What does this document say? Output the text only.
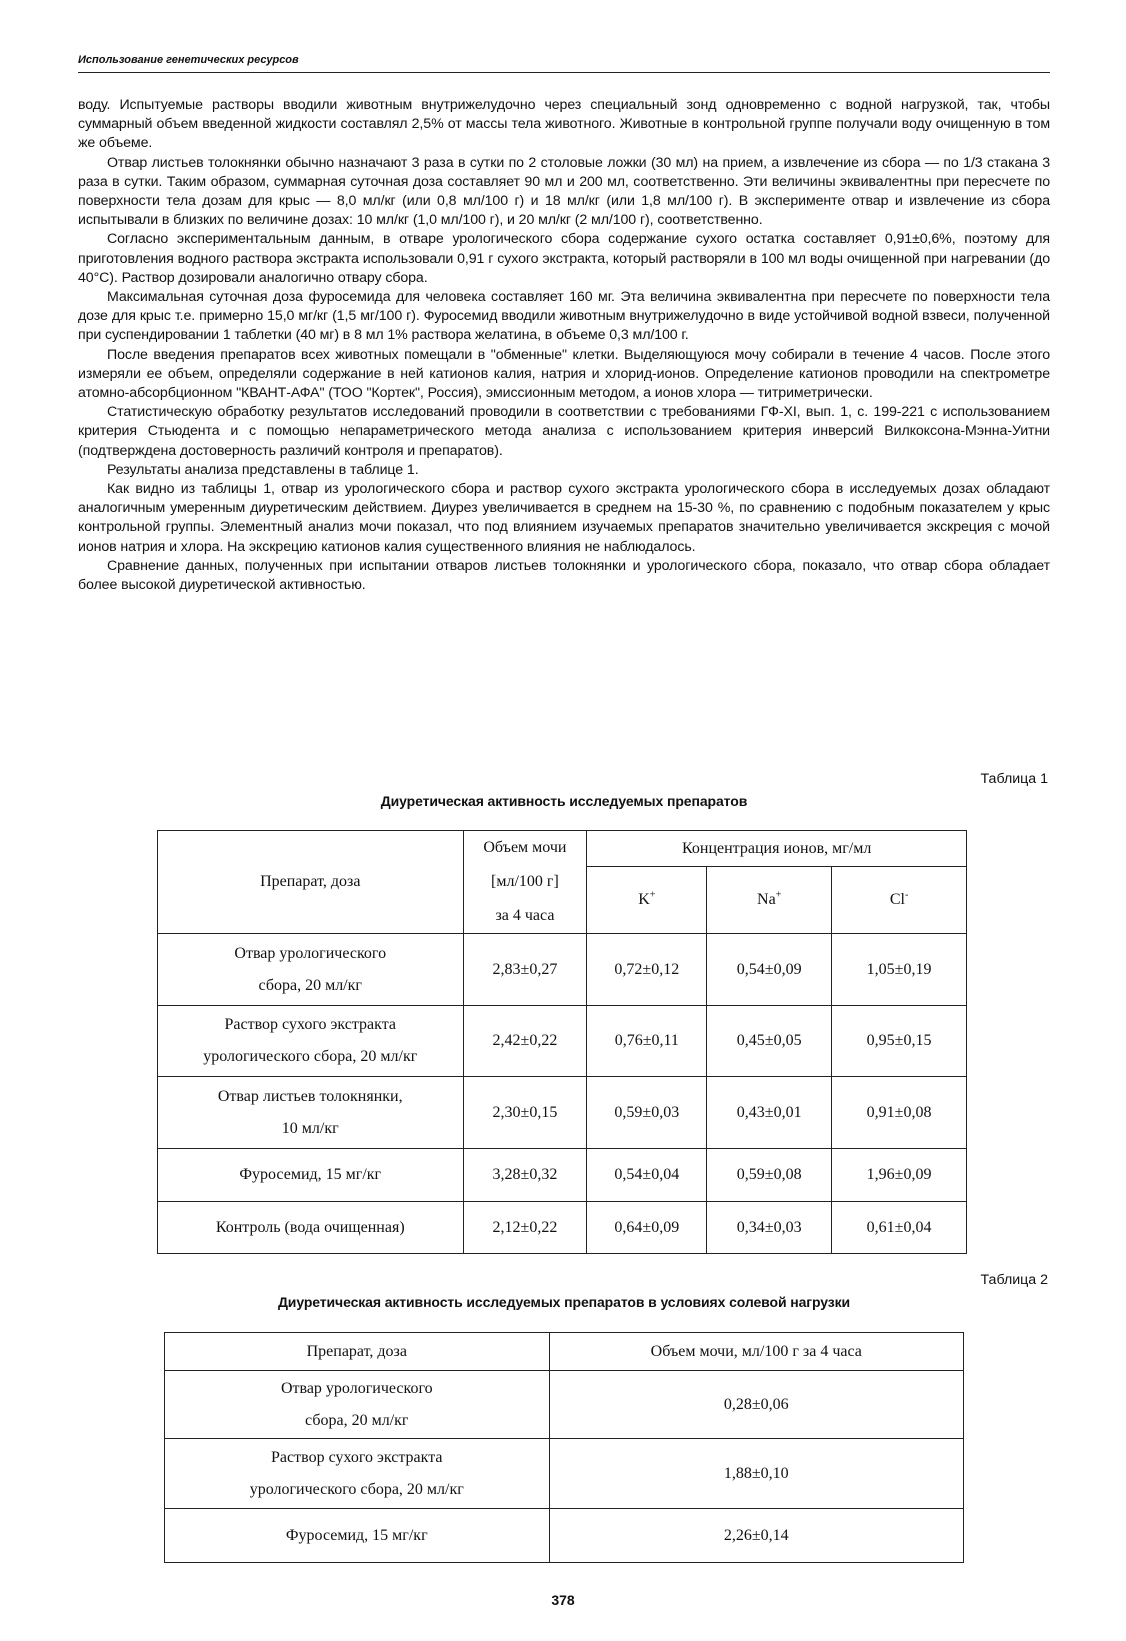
Использование генетических ресурсов

воду. Испытуемые растворы вводили животным внутрижелудочно через специальный зонд одновременно с водной нагрузкой, так, чтобы суммарный объем введенной жидкости составлял 2,5% от массы тела животного. Животные в контрольной группе получали воду очищенную в том же объеме.

Отвар листьев толокнянки обычно назначают 3 раза в сутки по 2 столовые ложки (30 мл) на прием, а извлечение из сбора — по 1/3 стакана 3 раза в сутки. Таким образом, суммарная суточная доза составляет 90 мл и 200 мл, соответственно. Эти величины эквивалентны при пересчете по поверхности тела дозам для крыс — 8,0 мл/кг (или 0,8 мл/100 г) и 18 мл/кг (или 1,8 мл/100 г). В эксперименте отвар и извлечение из сбора испытывали в близких по величине дозах: 10 мл/кг (1,0 мл/100 г), и 20 мл/кг (2 мл/100 г), соответственно.

Согласно экспериментальным данным, в отваре урологического сбора содержание сухого остатка составляет 0,91±0,6%, поэтому для приготовления водного раствора экстракта использовали 0,91 г сухого экстракта, который растворяли в 100 мл воды очищенной при нагревании (до 40°С). Раствор дозировали аналогично отвару сбора.

Максимальная суточная доза фуросемида для человека составляет 160 мг. Эта величина эквивалентна при пересчете по поверхности тела дозе для крыс т.е. примерно 15,0 мг/кг (1,5 мг/100 г). Фуросемид вводили животным внутрижелудочно в виде устойчивой водной взвеси, полученной при суспендировании 1 таблетки (40 мг) в 8 мл 1% раствора желатина, в объеме 0,3 мл/100 г.

После введения препаратов всех животных помещали в "обменные" клетки. Выделяющуюся мочу собирали в течение 4 часов. После этого измеряли ее объем, определяли содержание в ней катионов калия, натрия и хлорид-ионов. Определение катионов проводили на спектрометре атомно-абсорбционном "КВАНТ-АФА" (ТОО "Кортек", Россия), эмиссионным методом, а ионов хлора — титриметрически.

Статистическую обработку результатов исследований проводили в соответствии с требованиями ГФ-XI, вып. 1, с. 199-221 с использованием критерия Стьюдента и с помощью непараметрического метода анализа с использованием критерия инверсий Вилкоксона-Мэнна-Уитни (подтверждена достоверность различий контроля и препаратов).

Результаты анализа представлены в таблице 1.

Как видно из таблицы 1, отвар из урологического сбора и раствор сухого экстракта урологического сбора в исследуемых дозах обладают аналогичным умеренным диуретическим действием. Диурез увеличивается в среднем на 15-30 %, по сравнению с подобным показателем у крыс контрольной группы. Элементный анализ мочи показал, что под влиянием изучаемых препаратов значительно увеличивается экскреция с мочой ионов натрия и хлора. На экскрецию катионов калия существенного влияния не наблюдалось.

Сравнение данных, полученных при испытании отваров листьев толокнянки и урологического сбора, показало, что отвар сбора обладает более высокой диуретической активностью.

Таблица 1
Диуретическая активность исследуемых препаратов
Препарат, доза	Объем мочи
[мл/100 г]
за 4 часа	Концентрация ионов, мг/мл		
		K+	Na+	Cl-

Отвар урологического
сбора, 20 мл/кг	2,83±0,27	0,72±0,12	0,54±0,09	1,05±0,19

Раствор сухого экстракта
урологического сбора, 20 мл/кг	2,42±0,22	0,76±0,11	0,45±0,05	0,95±0,15

Отвар листьев толокнянки,
10 мл/кг	2,30±0,15	0,59±0,03	0,43±0,01	0,91±0,08
Фуросемид, 15 мг/кг	3,28±0,32	0,54±0,04	0,59±0,08	1,96±0,09
Контроль (вода очищенная)	2,12±0,22	0,64±0,09	0,34±0,03	0,61±0,04
Таблица 2
Диуретическая активность исследуемых препаратов в условиях солевой нагрузки
Препарат, доза	Объем мочи, мл/100 г за 4 часа

Отвар урологического
сбора, 20 мл/кг	0,28±0,06

Раствор сухого экстракта
урологического сбора, 20 мл/кг	1,88±0,10
Фуросемид, 15 мг/кг	2,26±0,14
378
